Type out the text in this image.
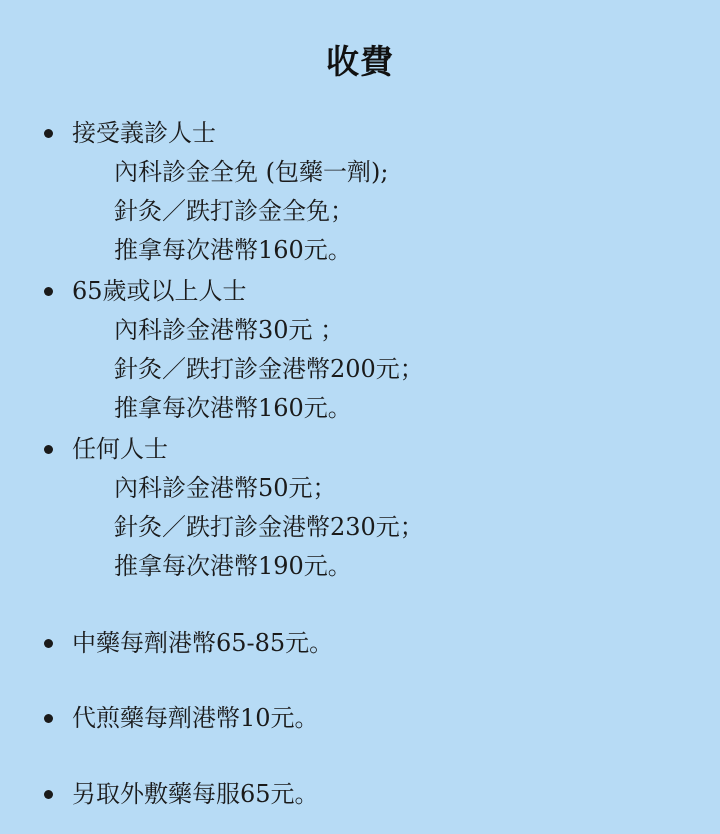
收費
接受義診人士
內科診金全免 (包藥一劑);
針灸／跌打診金全免；
推拿每次港幣160元。
65歲或以上人士
內科診金港幣30元 ；
針灸／跌打診金港幣200元；
推拿每次港幣160元。
任何人士
內科診金港幣50元；
針灸／跌打診金港幣230元；
推拿每次港幣190元。
中藥每劑港幣65-85元。
代煎藥每劑港幣10元。
另取外敷藥每服65元。
